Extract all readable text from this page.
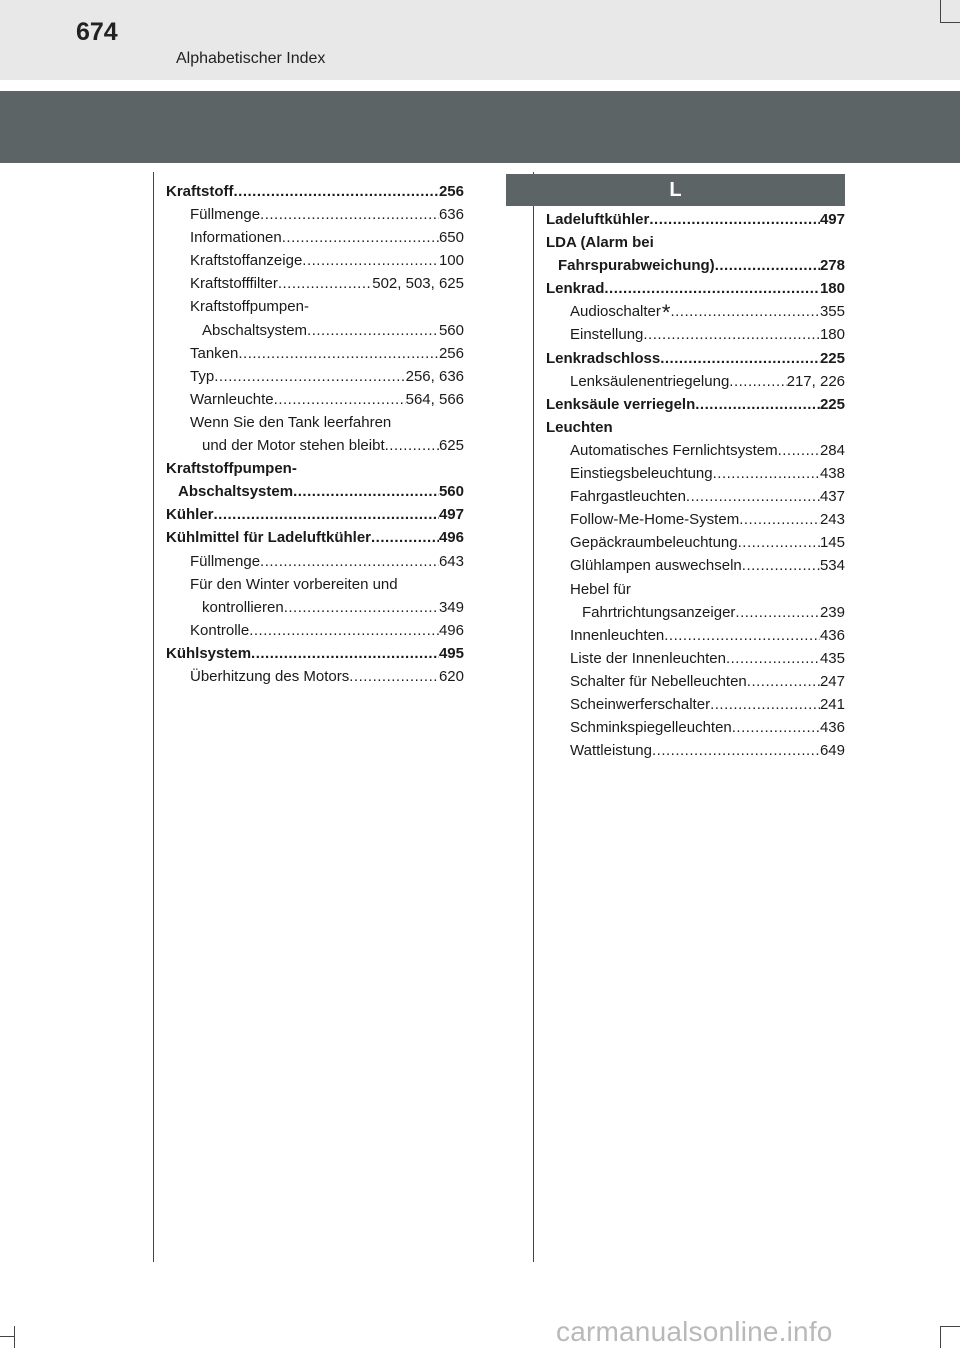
674
Alphabetischer Index
Kraftstoff .....	256
Füllmenge .....	636
Informationen .....	650
Kraftstoffanzeige .....	100
Kraftstofffilter .....	502, 503, 625
Kraftstoffpumpen-
Abschaltsystem .....	560
Tanken .....	256
Typ .....	256, 636
Warnleuchte .....	564, 566
Wenn Sie den Tank leerfahren
und der Motor stehen bleibt .....	625
Kraftstoffpumpen-
Abschaltsystem .....	560
Kühler .....	497
Kühlmittel für Ladeluftkühler .....	496
Füllmenge .....	643
Für den Winter vorbereiten und
kontrollieren .....	349
Kontrolle .....	496
Kühlsystem .....	495
Überhitzung des Motors .....	620
L
Ladeluftkühler .....	497
LDA (Alarm bei
Fahrspurabweichung) .....	278
Lenkrad .....	180
Audioschalter* .....	355
Einstellung .....	180
Lenkradschloss .....	225
Lenksäulenentriegelung .....	217, 226
Lenksäule verriegeln .....	225
Leuchten
Automatisches Fernlichtsystem .....	284
Einstiegsbeleuchtung .....	438
Fahrgastleuchten .....	437
Follow-Me-Home-System .....	243
Gepäckraumbeleuchtung .....	145
Glühlampen auswechseln .....	534
Hebel für
Fahrtrichtungsanzeiger .....	239
Innenleuchten .....	436
Liste der Innenleuchten .....	435
Schalter für Nebelleuchten .....	247
Scheinwerferschalter .....	241
Schminkspiegelleuchten .....	436
Wattleistung .....	649
carmanualsonline.info
